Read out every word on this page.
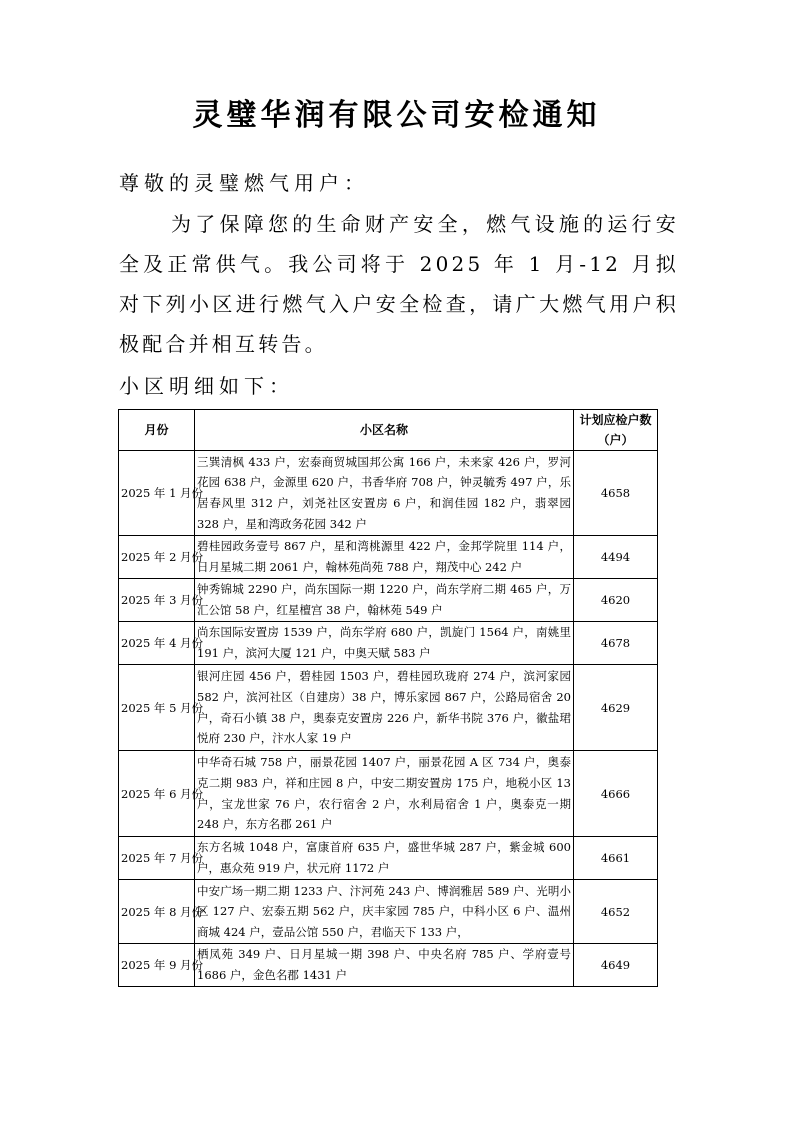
灵璧华润有限公司安检通知
尊敬的灵璧燃气用户：
为了保障您的生命财产安全，燃气设施的运行安全及正常供气。我公司将于 2025 年 1 月-12 月拟对下列小区进行燃气入户安全检查，请广大燃气用户积极配合并相互转告。
小区明细如下：
月份	小区名称	计划应检户数（户）
2025 年 1 月份	三巽清枫 433 户，宏泰商贸城国邦公寓 166 户，未来家 426 户，罗河花园 638 户，金源里 620 户，书香华府 708 户，钟灵毓秀 497 户，乐居春风里 312 户，刘尧社区安置房 6 户，和润佳园 182 户，翡翠园 328 户，星和湾政务花园 342 户	4658
2025 年 2 月份	碧桂园政务壹号 867 户，星和湾桃源里 422 户，金邦学院里 114 户，日月星城二期 2061 户，翰林苑尚苑 788 户，翔茂中心 242 户	4494
2025 年 3 月份	钟秀锦城 2290 户，尚东国际一期 1220 户，尚东学府二期 465 户，万汇公馆 58 户，红星檀宫 38 户，翰林苑 549 户	4620
2025 年 4 月份	尚东国际安置房 1539 户，尚东学府 680 户，凯旋门 1564 户，南姚里 191 户，滨河大厦 121 户，中奥天赋 583 户	4678
2025 年 5 月份	银河庄园 456 户，碧桂园 1503 户，碧桂园玖珑府 274 户，滨河家园 582 户，滨河社区（自建房）38 户，博乐家园 867 户，公路局宿舍 20 户，奇石小镇 38 户，奥泰克安置房 226 户，新华书院 376 户，徽盐珺悦府 230 户，汴水人家 19 户	4629
2025 年 6 月份	中华奇石城 758 户，丽景花园 1407 户，丽景花园 A 区 734 户，奥泰克二期 983 户，祥和庄园 8 户，中安二期安置房 175 户，地税小区 13 户，宝龙世家 76 户，农行宿舍 2 户，水利局宿舍 1 户，奥泰克一期 248 户，东方名郡 261 户	4666
2025 年 7 月份	东方名城 1048 户，富康首府 635 户，盛世华城 287 户，紫金城 600 户，惠众苑 919 户，状元府 1172 户	4661
2025 年 8 月份	中安广场一期二期 1233 户、汴河苑 243 户、博润雅居 589 户、光明小区 127 户、宏泰五期 562 户，庆丰家园 785 户，中科小区 6 户、温州商城 424 户，壹品公馆 550 户，君临天下 133 户，	4652
2025 年 9 月份	栖凤苑 349 户、日月星城一期 398 户、中央名府 785 户、学府壹号 1686 户，金色名郡 1431 户	4649
